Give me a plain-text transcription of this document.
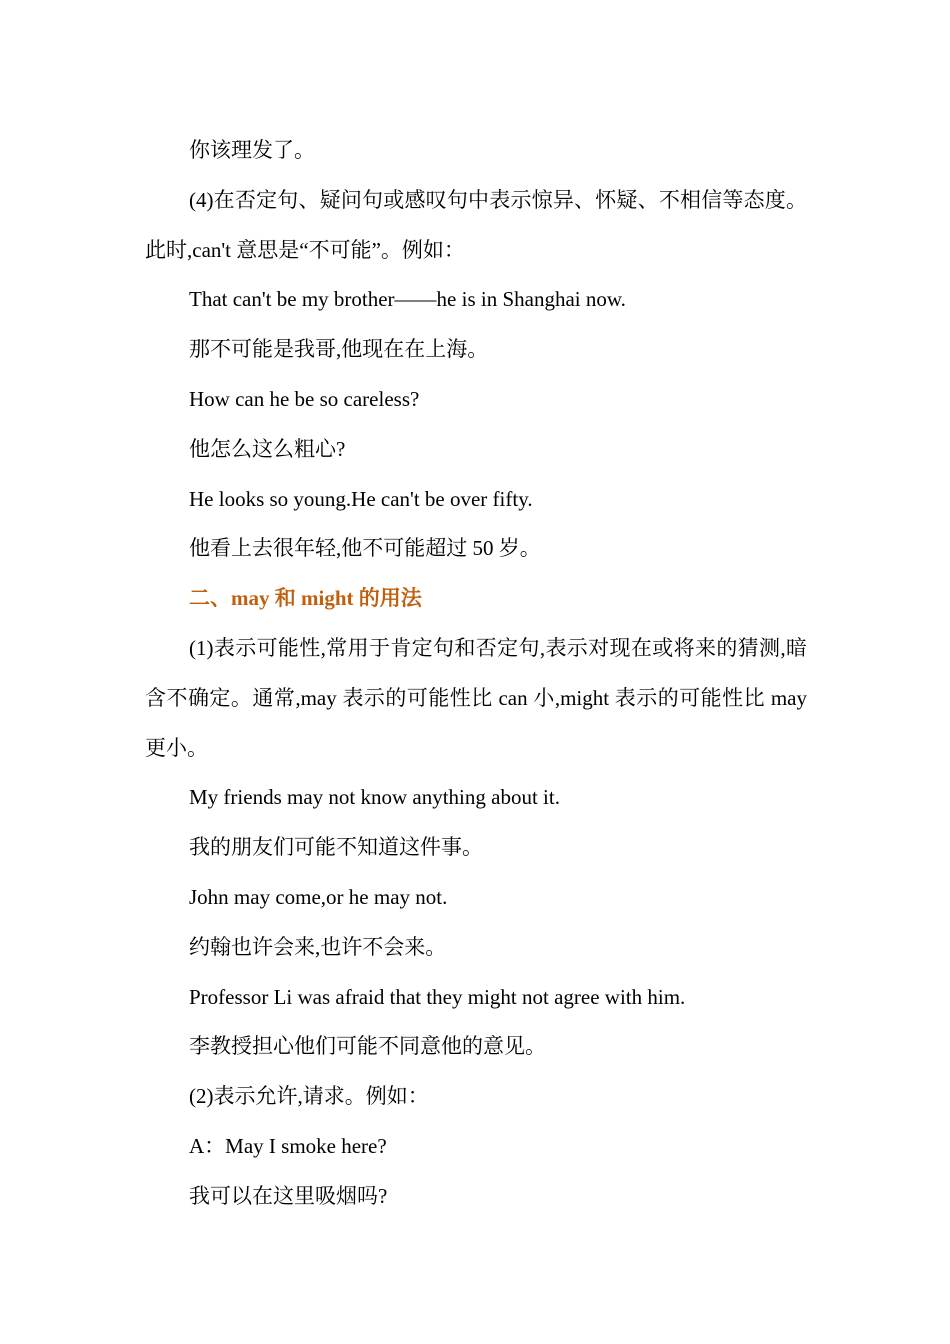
你该理发了。

(4)在否定句、疑问句或感叹句中表示惊异、怀疑、不相信等态度。此时,can't 意思是“不可能”。例如：

That can't be my brother——he is in Shanghai now.

那不可能是我哥,他现在在上海。

How can he be so careless?

他怎么这么粗心?

He looks so young.He can't be over fifty.

他看上去很年轻,他不可能超过 50 岁。

二、may 和 might 的用法

(1)表示可能性,常用于肯定句和否定句,表示对现在或将来的猜测,暗含不确定。通常,may 表示的可能性比 can 小,might 表示的可能性比 may 更小。

My friends may not know anything about it.

我的朋友们可能不知道这件事。

John may come,or he may not.

约翰也许会来,也许不会来。

Professor Li was afraid that they might not agree with him.

李教授担心他们可能不同意他的意见。

(2)表示允许,请求。例如：

A：May I smoke here?

我可以在这里吸烟吗?
